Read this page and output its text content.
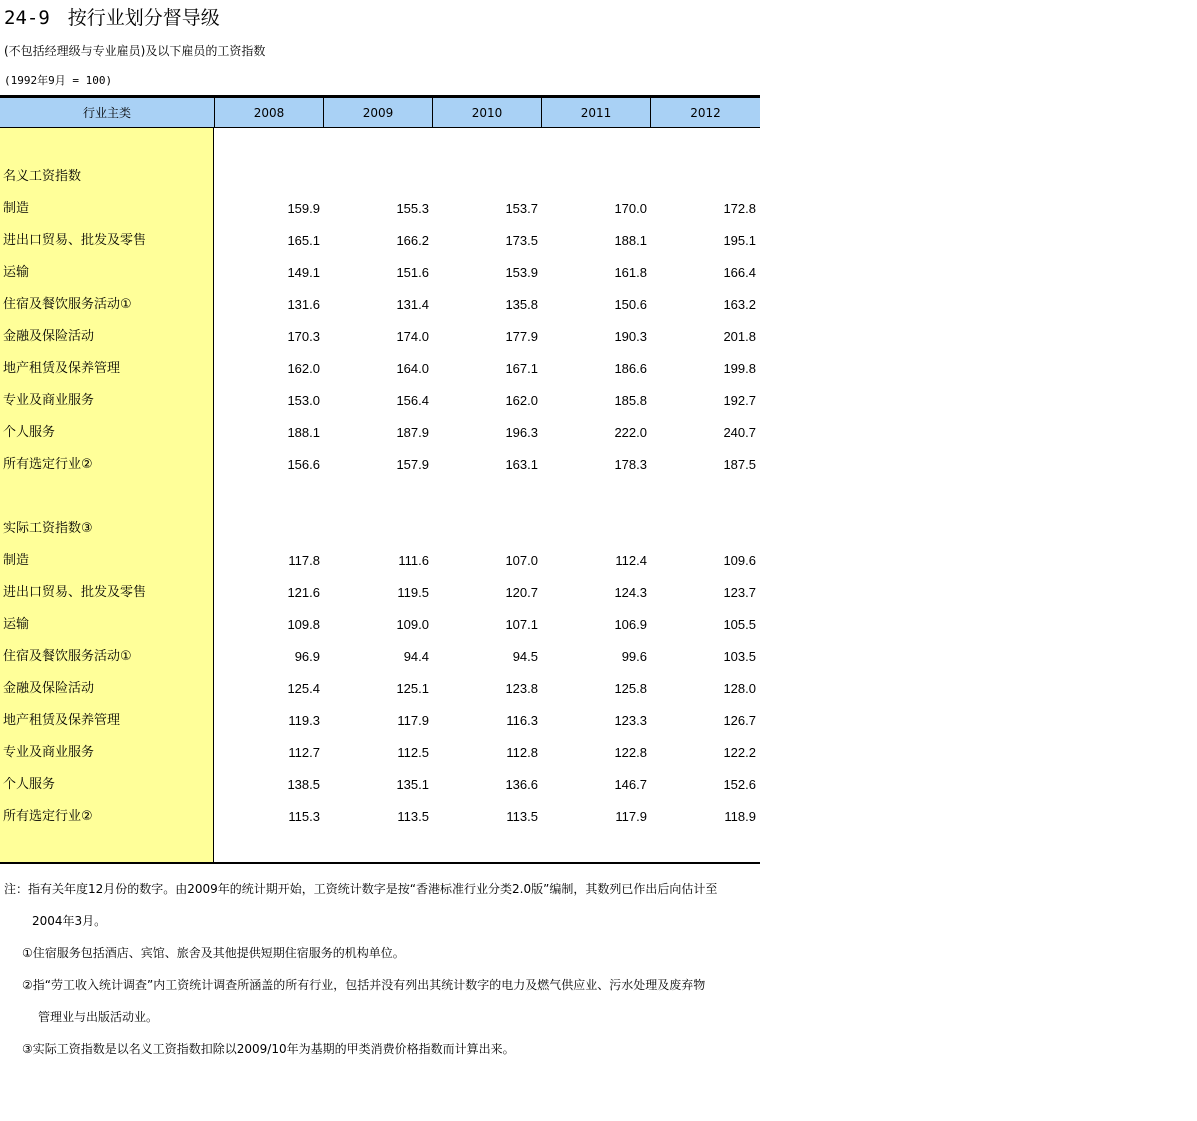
24-9 按行业划分督导级
(不包括经理级与专业雇员)及以下雇员的工资指数
(1992年9月 = 100)
行业主类	2008	2009	2010	2011	2012
名义工资指数
制造	159.9	155.3	153.7	170.0	172.8
进出口贸易、批发及零售	165.1	166.2	173.5	188.1	195.1
运输	149.1	151.6	153.9	161.8	166.4
住宿及餐饮服务活动①	131.6	131.4	135.8	150.6	163.2
金融及保险活动	170.3	174.0	177.9	190.3	201.8
地产租赁及保养管理	162.0	164.0	167.1	186.6	199.8
专业及商业服务	153.0	156.4	162.0	185.8	192.7
个人服务	188.1	187.9	196.3	222.0	240.7
所有选定行业②	156.6	157.9	163.1	178.3	187.5
实际工资指数③
制造	117.8	111.6	107.0	112.4	109.6
进出口贸易、批发及零售	121.6	119.5	120.7	124.3	123.7
运输	109.8	109.0	107.1	106.9	105.5
住宿及餐饮服务活动①	96.9	94.4	94.5	99.6	103.5
金融及保险活动	125.4	125.1	123.8	125.8	128.0
地产租赁及保养管理	119.3	117.9	116.3	123.3	126.7
专业及商业服务	112.7	112.5	112.8	122.8	122.2
个人服务	138.5	135.1	136.6	146.7	152.6
所有选定行业②	115.3	113.5	113.5	117.9	118.9
注：指有关年度12月份的数字。由2009年的统计期开始，工资统计数字是按“香港标准行业分类2.0版”编制，其数列已作出后向估计至
2004年3月。
①住宿服务包括酒店、宾馆、旅舍及其他提供短期住宿服务的机构单位。
②指“劳工收入统计调查”内工资统计调查所涵盖的所有行业，包括并没有列出其统计数字的电力及燃气供应业、污水处理及废弃物
管理业与出版活动业。
③实际工资指数是以名义工资指数扣除以2009/10年为基期的甲类消费价格指数而计算出来。
